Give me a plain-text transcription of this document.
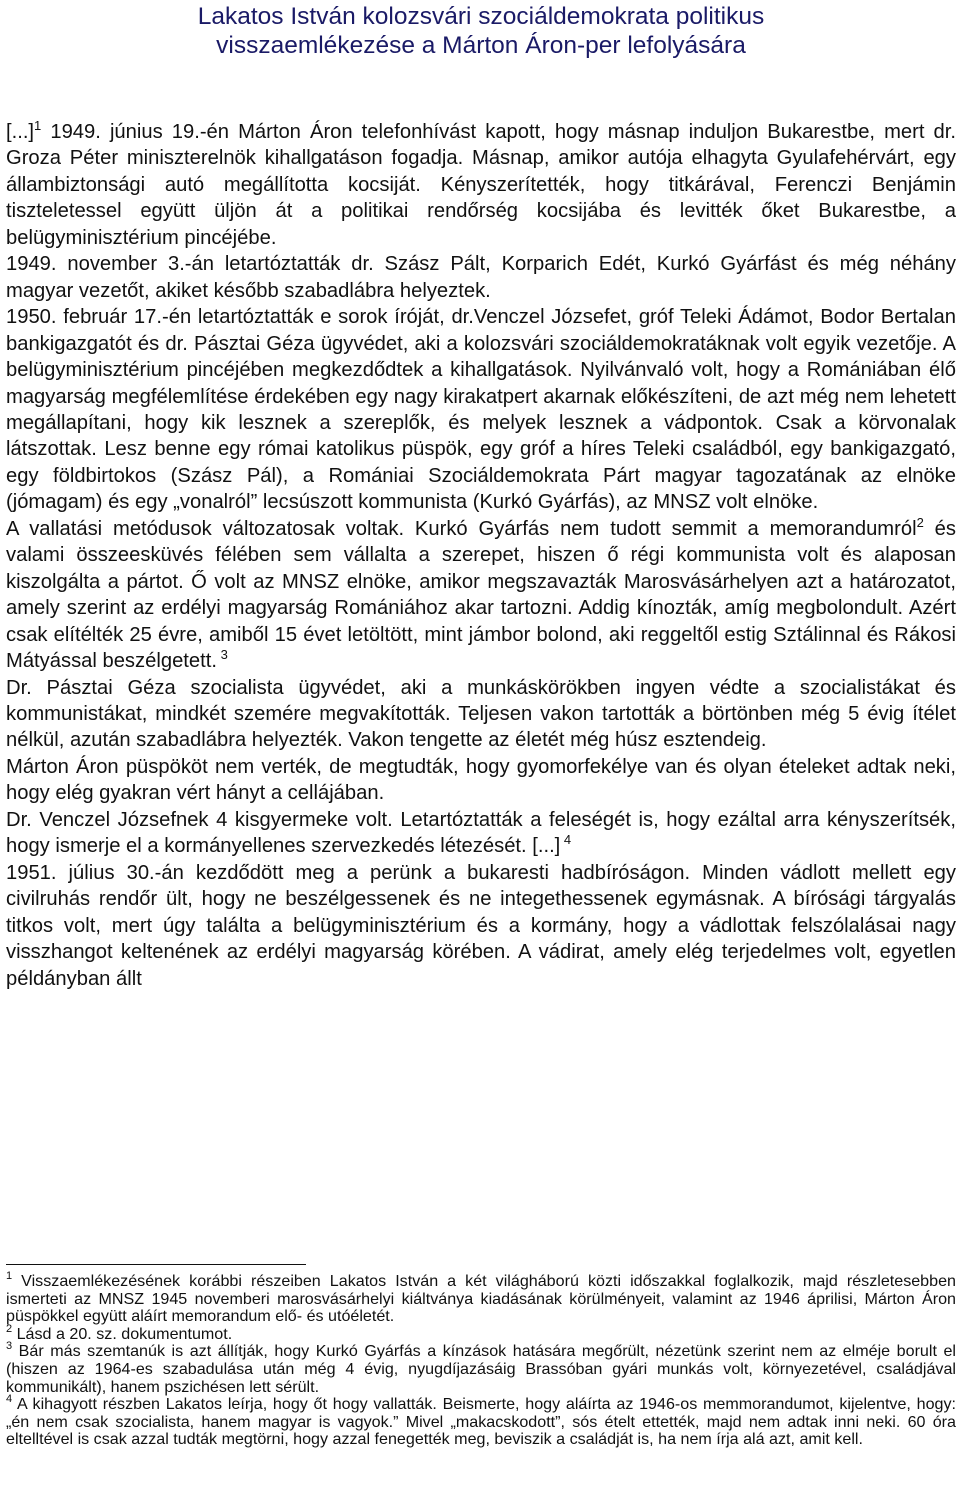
Lakatos István kolozsvári szociáldemokrata politikus
visszaemlékezése a Márton Áron-per lefolyására

[...]$^1$ 1949. június 19.-én Márton Áron telefonhívást kapott, hogy másnap induljon Bukarestbe, mert dr. Groza Péter miniszterelnök kihallgatáson fogadja. Másnap, amikor autója elhagyta Gyulafehérvárt, egy állambiztonsági autó megállította kocsiját. Kényszerítették, hogy titkárával, Ferenczi Benjámin tiszteletessel együtt üljön át a politikai rendőrség kocsijába és levitték őket Bukarestbe, a belügyminisztérium pincéjébe.

1949. november 3.-án letartóztatták dr. Szász Pált, Korparich Edét, Kurkó Gyárfást és még néhány magyar vezetőt, akiket később szabadlábra helyeztek.

1950. február 17.-én letartóztatták e sorok íróját, dr.Venczel Józsefet, gróf Teleki Ádámot, Bodor Bertalan bankigazgatót és dr. Pásztai Géza ügyvédet, aki a kolozsvári szociáldemokratáknak volt egyik vezetője. A belügyminisztérium pincéjében megkezdődtek a kihallgatások. Nyilvánvaló volt, hogy a Romániában élő magyarság megfélemlítése érdekében egy nagy kirakatpert akarnak előkészíteni, de azt még nem lehetett megállapítani, hogy kik lesznek a szereplők, és melyek lesznek a vádpontok. Csak a körvonalak látszottak. Lesz benne egy római katolikus püspök, egy gróf a híres Teleki családból, egy bankigazgató, egy földbirtokos (Szász Pál), a Romániai Szociáldemokrata Párt magyar tagozatának az elnöke (jómagam) és egy „vonalról” lecsúszott kommunista (Kurkó Gyárfás), az MNSZ volt elnöke.

A vallatási metódusok változatosak voltak. Kurkó Gyárfás nem tudott semmit a memorandumról$^2$ és valami összeesküvés félében sem vállalta a szerepet, hiszen ő régi kommunista volt és alaposan kiszolgálta a pártot. Ő volt az MNSZ elnöke, amikor megszavazták Marosvásárhelyen azt a határozatot, amely szerint az erdélyi magyarság Romániához akar tartozni. Addig kínozták, amíg megbolondult. Azért csak elítélték 25 évre, amiből 15 évet letöltött, mint jámbor bolond, aki reggeltől estig Sztálinnal és Rákosi Mátyással beszélgetett. $^3$

Dr. Pásztai Géza szocialista ügyvédet, aki a munkáskörökben ingyen védte a szocialistákat és kommunistákat, mindkét szemére megvakították. Teljesen vakon tartották a börtönben még 5 évig ítélet nélkül, azután szabadlábra helyezték. Vakon tengette az életét még húsz esztendeig.

Márton Áron püspököt nem verték, de megtudták, hogy gyomorfekélye van és olyan ételeket adtak neki, hogy elég gyakran vért hányt a cellájában.

Dr. Venczel Józsefnek 4 kisgyermeke volt. Letartóztatták a feleségét is, hogy ezáltal arra kényszerítsék, hogy ismerje el a kormányellenes szervezkedés létezését. [...] $^4$

1951. július 30.-án kezdődött meg a perünk a bukaresti hadbíróságon. Minden vádlott mellett egy civilruhás rendőr ült, hogy ne beszélgessenek és ne integethessenek egymásnak. A bírósági tárgyalás titkos volt, mert úgy találta a belügyminisztérium és a kormány, hogy a vádlottak felszólalásai nagy visszhangot keltenének az erdélyi magyarság körében. A vádirat, amely elég terjedelmes volt, egyetlen példányban állt

$^1$ Visszaemlékezésének korábbi részeiben Lakatos István a két világháború közti időszakkal foglalkozik, majd részletesebben ismerteti az MNSZ 1945 novemberi marosvásárhelyi kiáltványa kiadásának körülményeit, valamint az 1946 áprilisi, Márton Áron püspökkel együtt aláírt memorandum elő- és utóéletét.

$^2$ Lásd a 20. sz. dokumentumot.

$^3$ Bár más szemtanúk is azt állítják, hogy Kurkó Gyárfás a kínzások hatására megőrült, nézetünk szerint nem az elméje borult el (hiszen az 1964-es szabadulása után még 4 évig, nyugdíjazásáig Brassóban gyári munkás volt, környezetével, családjával kommunikált), hanem pszichésen lett sérült.

$^4$ A kihagyott részben Lakatos leírja, hogy őt hogy vallatták. Beismerte, hogy aláírta az 1946-os memmorandumot, kijelentve, hogy: „én nem csak szocialista, hanem magyar is vagyok.” Mivel „makacskodott”, sós ételt ettették, majd nem adtak inni neki. 60 óra eltelltével is csak azzal tudták megtörni, hogy azzal fenegették meg, beviszik a családját is, ha nem írja alá azt, amit kell.
